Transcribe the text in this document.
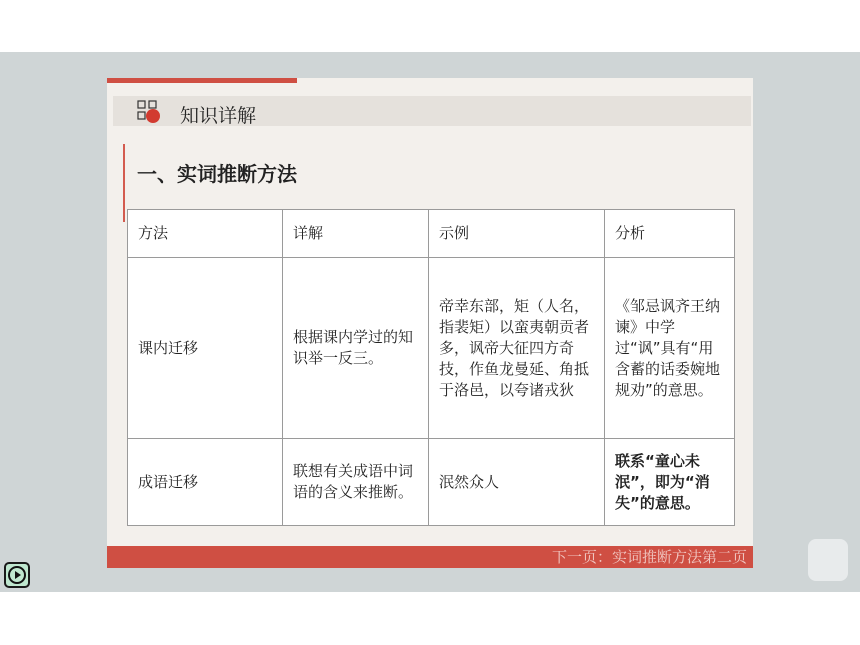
知识详解
一、实词推断方法
方法	详解	示例	分析
课内迁移	根据课内学过的知识举一反三。	帝幸东部，矩（人名，指裴矩）以蛮夷朝贡者多，讽帝大征四方奇技，作鱼龙曼延、角抵于洛邑，以夸诸戎狄	《邹忌讽齐王纳谏》中学过“讽”具有“用含蓄的话委婉地规劝”的意思。
成语迁移	联想有关成语中词语的含义来推断。	泯然众人	联系“童心未泯”，即为“消失”的意思。
下一页：实词推断方法第二页
